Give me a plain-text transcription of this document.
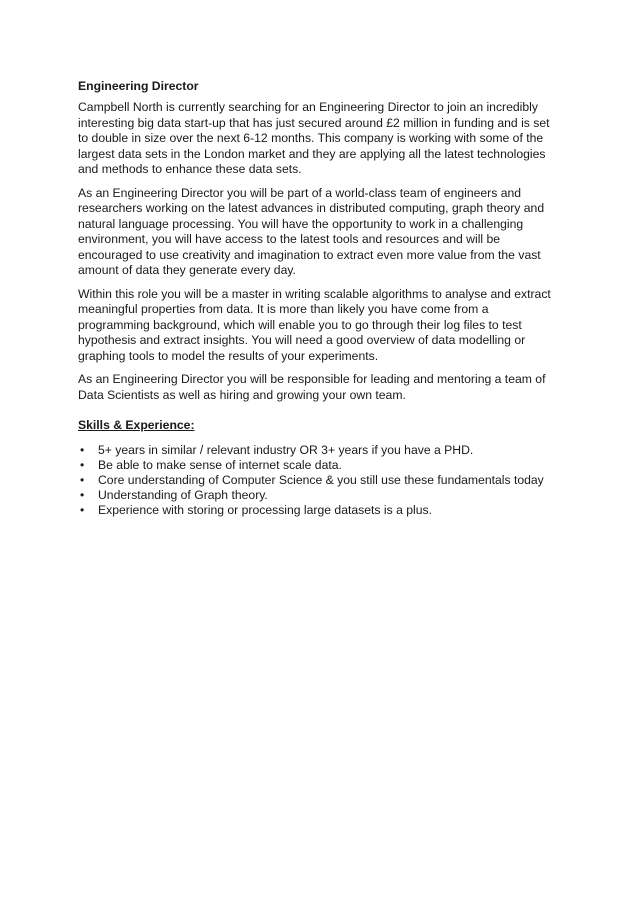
Engineering Director

Campbell North is currently searching for an Engineering Director to join an incredibly interesting big data start-up that has just secured around £2 million in funding and is set to double in size over the next 6-12 months. This company is working with some of the largest data sets in the London market and they are applying all the latest technologies and methods to enhance these data sets.

As an Engineering Director you will be part of a world-class team of engineers and researchers working on the latest advances in distributed computing, graph theory and natural language processing. You will have the opportunity to work in a challenging environment, you will have access to the latest tools and resources and will be encouraged to use creativity and imagination to extract even more value from the vast amount of data they generate every day.

Within this role you will be a master in writing scalable algorithms to analyse and extract meaningful properties from data. It is more than likely you have come from a programming background, which will enable you to go through their log files to test hypothesis and extract insights. You will need a good overview of data modelling or graphing tools to model the results of your experiments.

As an Engineering Director you will be responsible for leading and mentoring a team of Data Scientists as well as hiring and growing your own team.

Skills & Experience:
• 5+ years in similar / relevant industry OR 3+ years if you have a PHD.
• Be able to make sense of internet scale data.
• Core understanding of Computer Science & you still use these fundamentals today
• Understanding of Graph theory.
• Experience with storing or processing large datasets is a plus.
